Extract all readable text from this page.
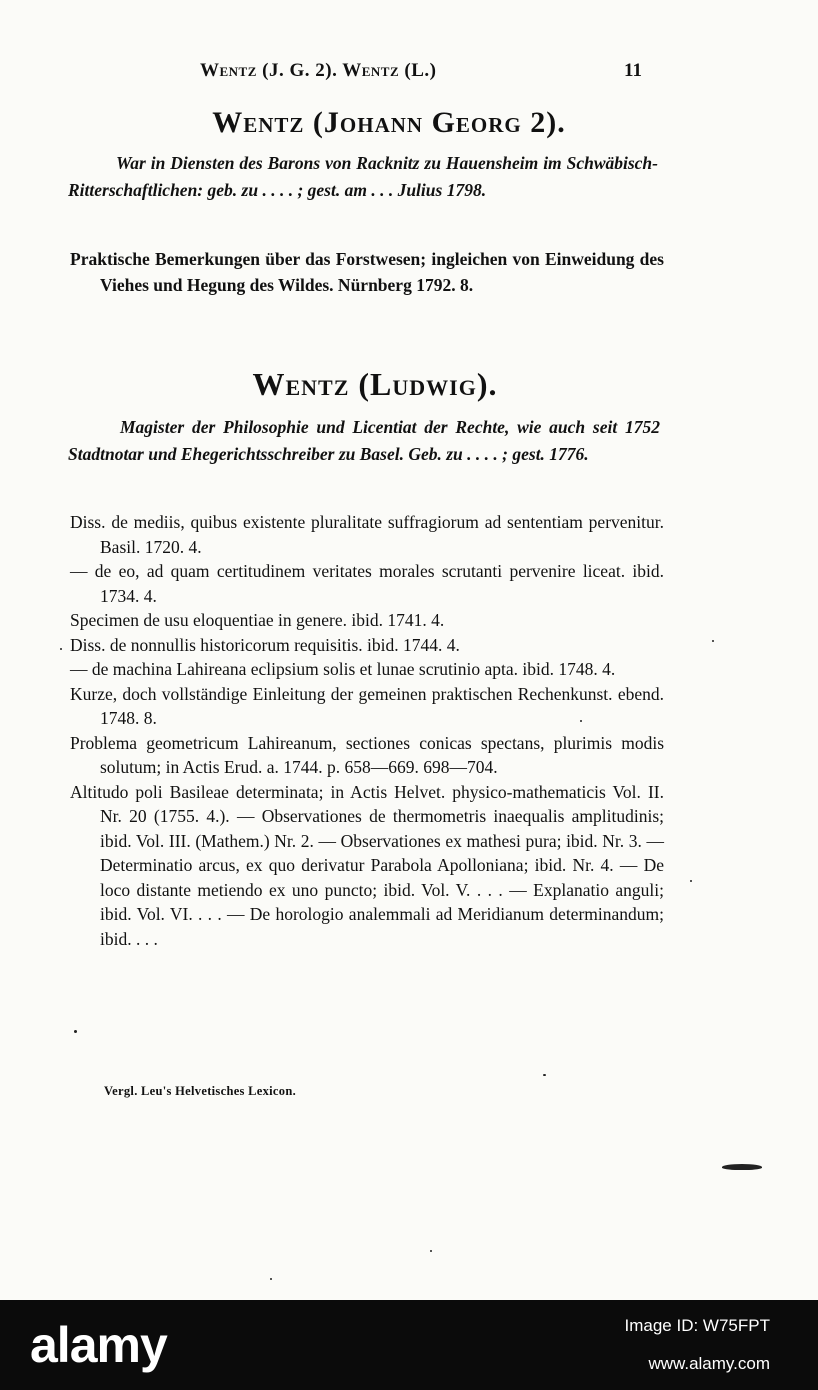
Wentz (J. G. 2). Wentz (L.)	11
Wentz (Johann Georg 2).

War in Diensten des Barons von Racknitz zu Hauensheim im Schwäbisch-Ritterschaftlichen: geb. zu . . . . ; gest. am . . . Julius 1798.

Praktische Bemerkungen über das Forstwesen; ingleichen von Einweidung des Viehes und Hegung des Wildes. Nürnberg 1792. 8.

Wentz (Ludwig).

Magister der Philosophie und Licentiat der Rechte, wie auch seit 1752 Stadtnotar und Ehegerichtsschreiber zu Basel. Geb. zu . . . . ; gest. 1776.

Diss. de mediis, quibus existente pluralitate suffragiorum ad sententiam pervenitur. Basil. 1720. 4.

— de eo, ad quam certitudinem veritates morales scrutanti pervenire liceat. ibid. 1734. 4.

Specimen de usu eloquentiae in genere. ibid. 1741. 4.

Diss. de nonnullis historicorum requisitis. ibid. 1744. 4.

— de machina Lahireana eclipsium solis et lunae scrutinio apta. ibid. 1748. 4.

Kurze, doch vollständige Einleitung der gemeinen praktischen Rechenkunst. ebend. 1748. 8.

Problema geometricum Lahireanum, sectiones conicas spectans, plurimis modis solutum; in Actis Erud. a. 1744. p. 658—669. 698—704.

Altitudo poli Basileae determinata; in Actis Helvet. physico-mathematicis Vol. II. Nr. 20 (1755. 4.). — Observationes de thermometris inaequalis amplitudinis; ibid. Vol. III. (Mathem.) Nr. 2. — Observationes ex mathesi pura; ibid. Nr. 3. — Determinatio arcus, ex quo derivatur Parabola Apolloniana; ibid. Nr. 4. — De loco distante metiendo ex uno puncto; ibid. Vol. V. . . . — Explanatio anguli; ibid. Vol. VI. . . . — De horologio analemmali ad Meridianum determinandum; ibid. . . .

Vergl. Leu's Helvetisches Lexicon.
alamy	Image ID: W75FPT
www.alamy.com
